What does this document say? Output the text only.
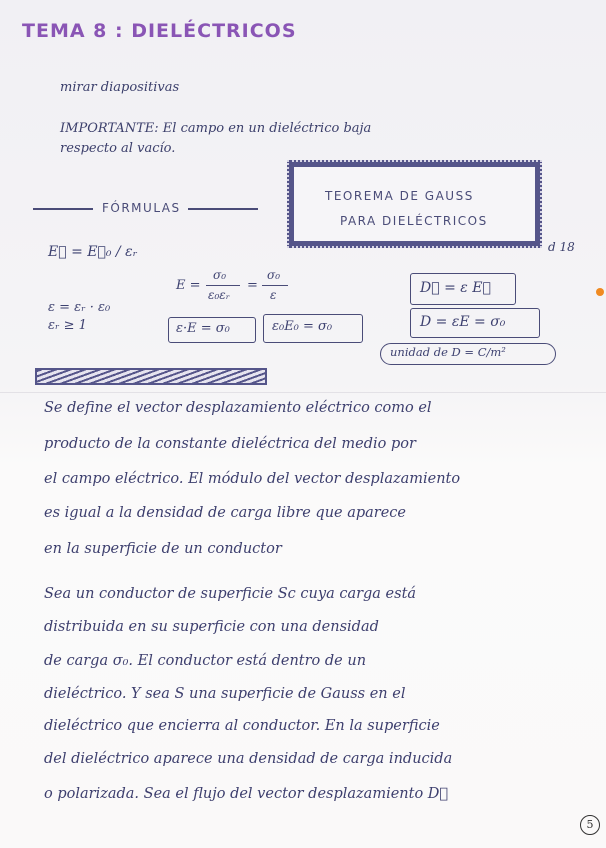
TEMA 8 : DIELÉCTRICOS
mirar diapositivas
IMPORTANTE: El campo en un dieléctrico baja
respecto al vacío.
FÓRMULAS
TEOREMA DE GAUSS
PARA DIELÉCTRICOS
d 18
E⃗ = E⃗₀ / εᵣ
E =
σ₀
ε₀εᵣ
=
σ₀
ε
ε = εᵣ · ε₀
εᵣ ≥ 1	ε·E = σ₀	ε₀E₀ = σ₀
D⃗ = ε E⃗
D = εE = σ₀
unidad de D = C/m²
Se define el vector desplazamiento eléctrico como el
producto de la constante dieléctrica del medio por
el campo eléctrico. El módulo del vector desplazamiento
es igual a la densidad de carga libre que aparece
en la superficie de un conductor
Sea un conductor de superficie Sc cuya carga está
distribuida en su superficie con una densidad
de carga σ₀. El conductor está dentro de un
dieléctrico. Y sea S una superficie de Gauss en el
dieléctrico que encierra al conductor. En la superficie
del dieléctrico aparece una densidad de carga inducida
o polarizada. Sea el flujo del vector desplazamiento D⃗
5
